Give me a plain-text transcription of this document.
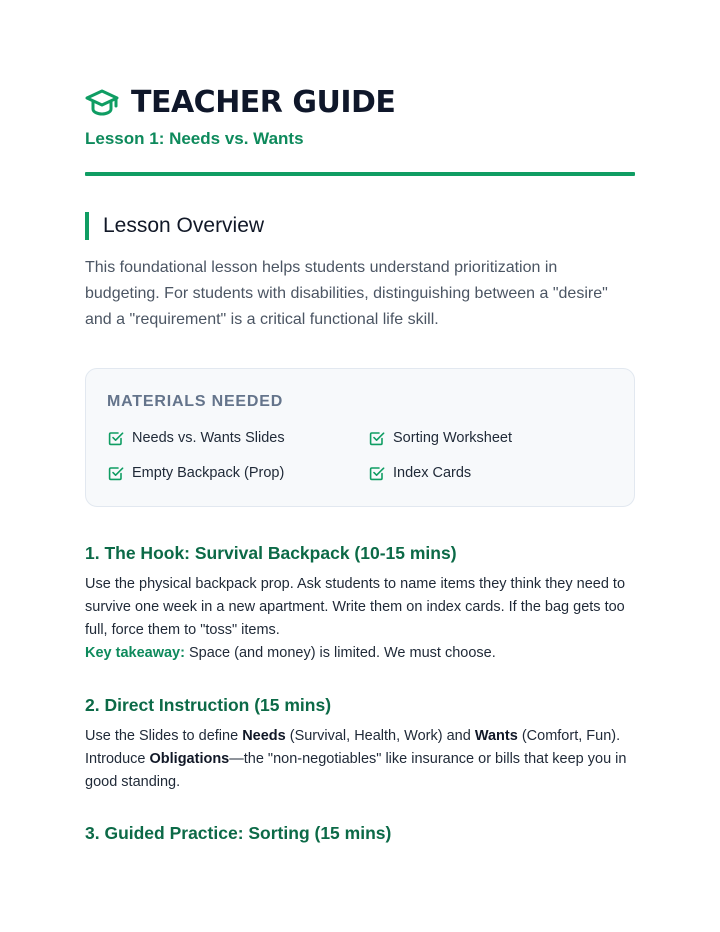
TEACHER GUIDE
Lesson 1: Needs vs. Wants
Lesson Overview
This foundational lesson helps students understand prioritization in budgeting. For students with disabilities, distinguishing between a "desire" and a "requirement" is a critical functional life skill.
MATERIALS NEEDED
Needs vs. Wants Slides	Sorting Worksheet
Empty Backpack (Prop)	Index Cards
1. The Hook: Survival Backpack (10-15 mins)
Use the physical backpack prop. Ask students to name items they think they need to survive one week in a new apartment. Write them on index cards. If the bag gets too full, force them to "toss" items.
Key takeaway: Space (and money) is limited. We must choose.
2. Direct Instruction (15 mins)
Use the Slides to define Needs (Survival, Health, Work) and Wants (Comfort, Fun). Introduce Obligations—the "non-negotiables" like insurance or bills that keep you in good standing.
3. Guided Practice: Sorting (15 mins)
